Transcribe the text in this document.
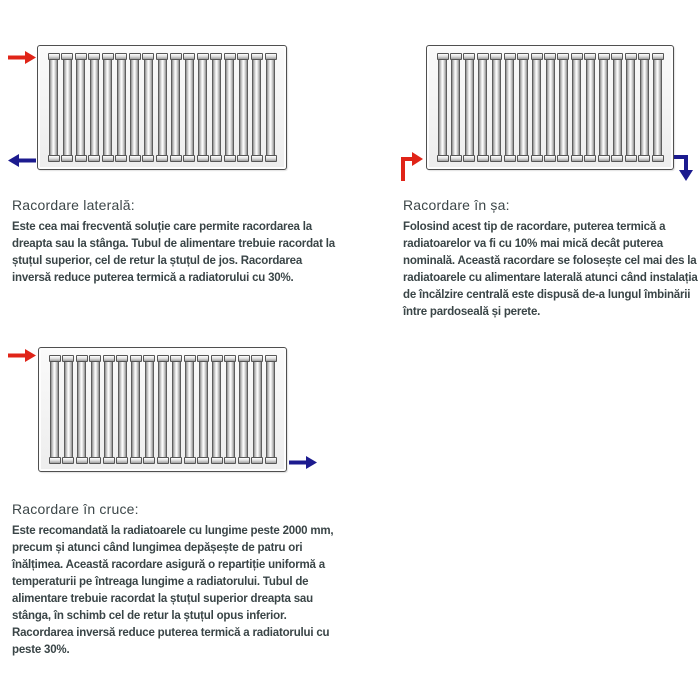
Racordare laterală:
Este cea mai frecventă soluție care permite racordarea la dreapta sau la stânga. Tubul de alimentare trebuie racordat la ștuțul superior, cel de retur la ștuțul de jos. Racordarea inversă reduce puterea termică a radiatorului cu 30%.
Racordare în șa:
Folosind acest tip de racordare, puterea termică a radiatoarelor va fi cu 10% mai mică decât puterea nominală. Această racordare se folosește cel mai des la radiatoarele cu alimentare laterală atunci când instalația de încălzire centrală este dispusă de-a lungul îmbinării între pardoseală și perete.
Racordare în cruce:
Este recomandată la radiatoarele cu lungime peste 2000 mm, precum și atunci când lungimea depășește de patru ori înălțimea. Această racordare asigură o repartiție uniformă a temperaturii pe întreaga lungime a radiatorului. Tubul de alimentare trebuie racordat la ștuțul superior dreapta sau stânga, în schimb cel de retur la ștuțul opus inferior. Racordarea inversă reduce puterea termică a radiatorului cu peste 30%.
